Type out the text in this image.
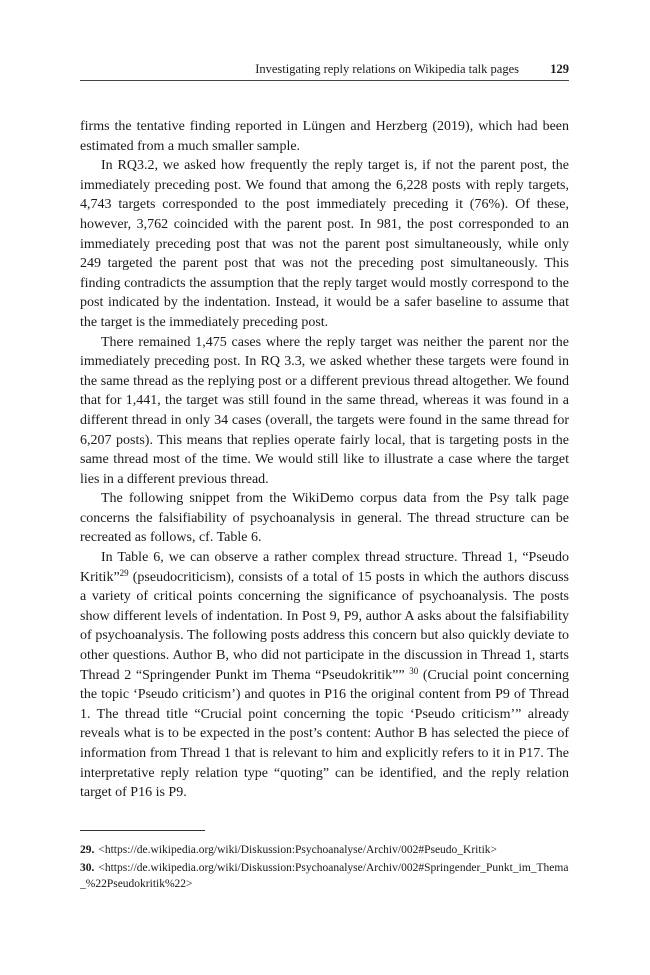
Investigating reply relations on Wikipedia talk pages	129

firms the tentative finding reported in Lüngen and Herzberg (2019), which had been estimated from a much smaller sample.

In RQ3.2, we asked how frequently the reply target is, if not the parent post, the immediately preceding post. We found that among the 6,228 posts with reply targets, 4,743 targets corresponded to the post immediately preceding it (76%). Of these, however, 3,762 coincided with the parent post. In 981, the post corresponded to an immediately preceding post that was not the parent post simultaneously, while only 249 targeted the parent post that was not the preceding post simultaneously. This finding contradicts the assumption that the reply target would mostly correspond to the post indicated by the indentation. Instead, it would be a safer baseline to assume that the target is the immediately preceding post.

There remained 1,475 cases where the reply target was neither the parent nor the immediately preceding post. In RQ 3.3, we asked whether these targets were found in the same thread as the replying post or a different previous thread altogether. We found that for 1,441, the target was still found in the same thread, whereas it was found in a different thread in only 34 cases (overall, the targets were found in the same thread for 6,207 posts). This means that replies operate fairly local, that is targeting posts in the same thread most of the time. We would still like to illustrate a case where the target lies in a different previous thread.

The following snippet from the WikiDemo corpus data from the Psy talk page concerns the falsifiability of psychoanalysis in general. The thread structure can be recreated as follows, cf. Table 6.

In Table 6, we can observe a rather complex thread structure. Thread 1, “Pseudo Kritik”$^{29}$ (pseudocriticism), consists of a total of 15 posts in which the authors discuss a variety of critical points concerning the significance of psychoanalysis. The posts show different levels of indentation. In Post 9, P9, author A asks about the falsifiability of psychoanalysis. The following posts address this concern but also quickly deviate to other questions. Author B, who did not participate in the discussion in Thread 1, starts Thread 2 “Springender Punkt im Thema “Pseudokritik”” $^{30}$ (Crucial point concerning the topic ‘Pseudo criticism’) and quotes in P16 the original content from P9 of Thread 1. The thread title “Crucial point concerning the topic ‘Pseudo criticism’” already reveals what is to be expected in the post’s content: Author B has selected the piece of information from Thread 1 that is relevant to him and explicitly refers to it in P17. The interpretative reply relation type “quoting” can be identified, and the reply relation target of P16 is P9.

29. <https://de.wikipedia.org/wiki/Diskussion:Psychoanalyse/Archiv/002#Pseudo_Kritik>

30. <https://de.wikipedia.org/wiki/Diskussion:Psychoanalyse/Archiv/002#Springender_Punkt_im_Thema_%22Pseudokritik%22>
